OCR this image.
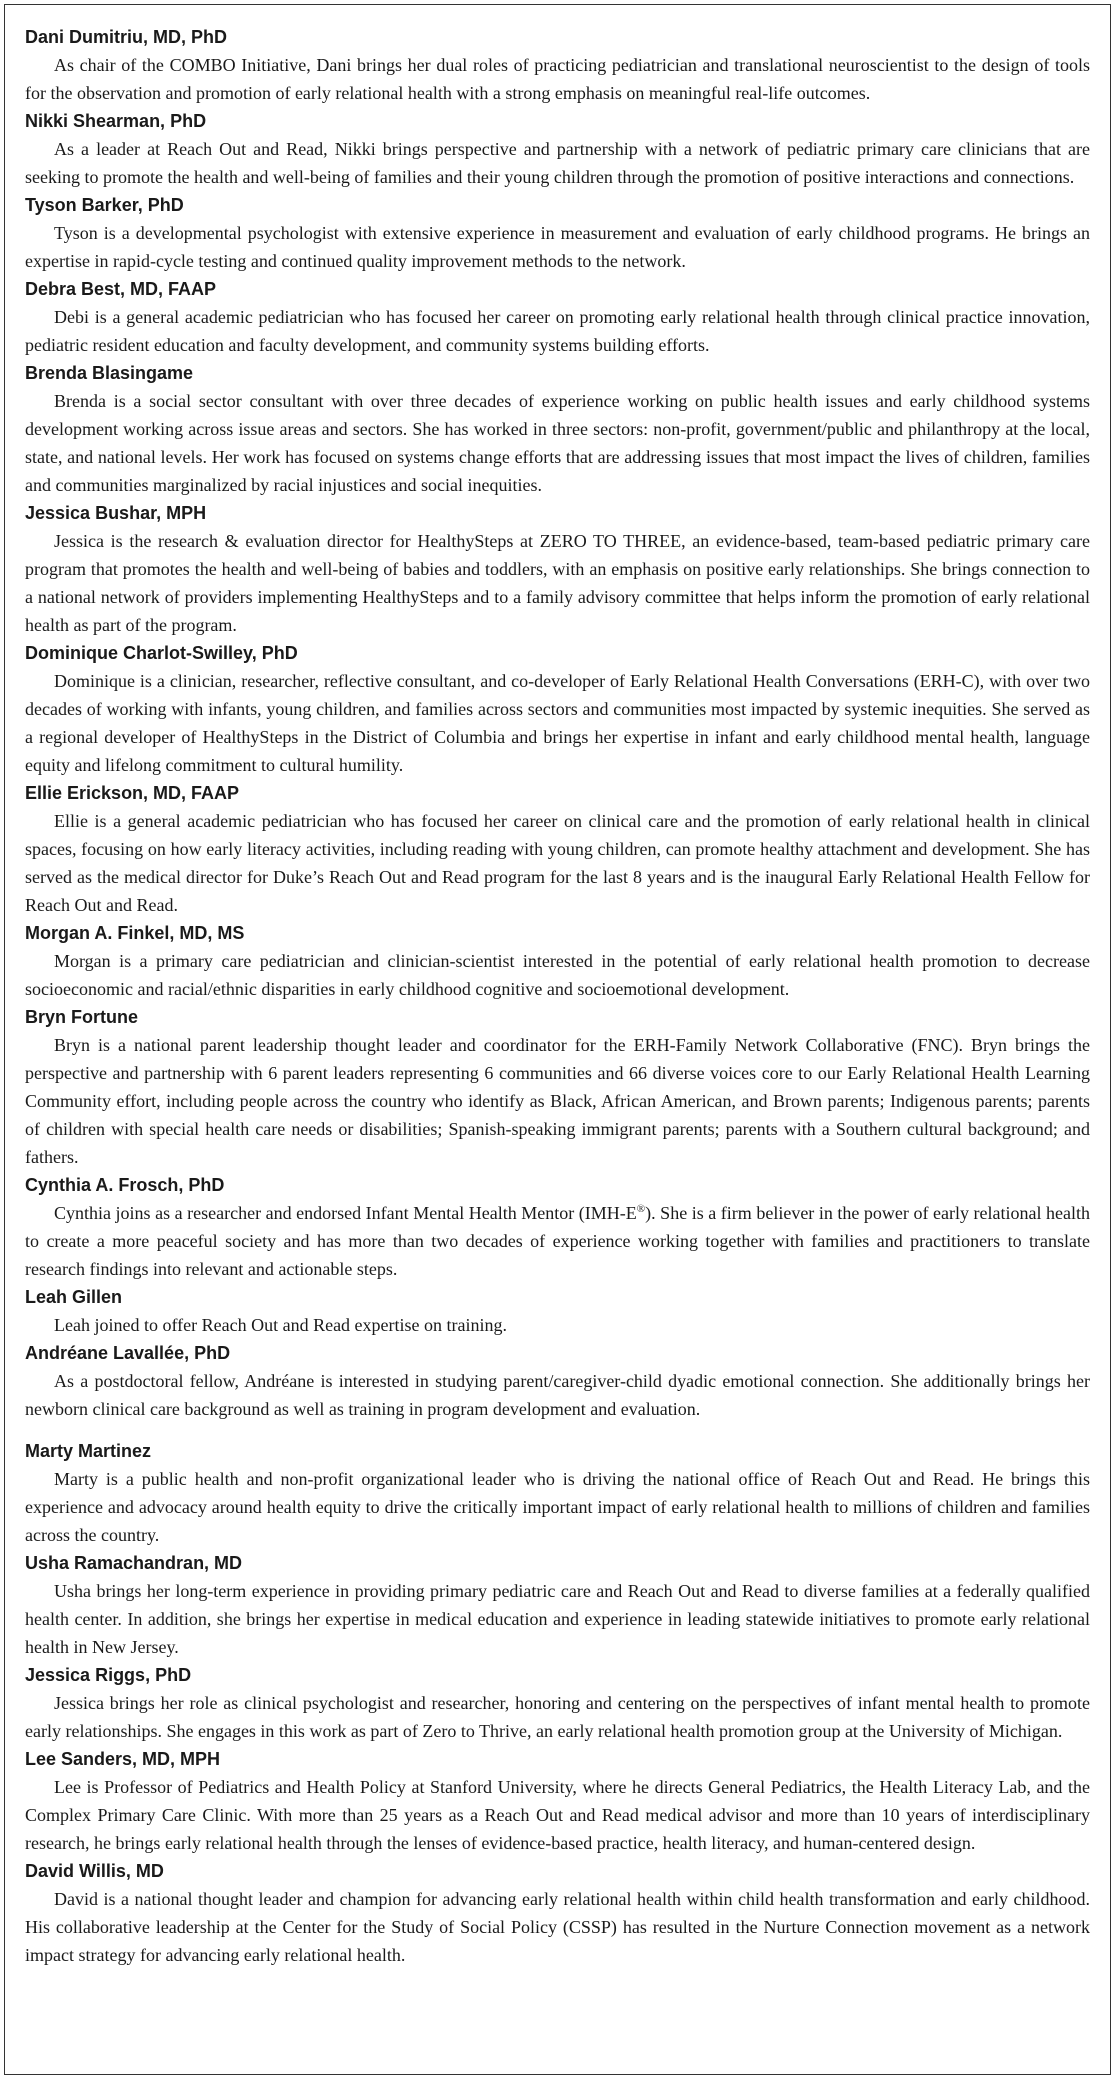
Dani Dumitriu, MD, PhD

As chair of the COMBO Initiative, Dani brings her dual roles of practicing pediatrician and translational neuroscientist to the design of tools for the observation and promotion of early relational health with a strong emphasis on meaningful real-life outcomes.

Nikki Shearman, PhD

As a leader at Reach Out and Read, Nikki brings perspective and partnership with a network of pediatric primary care clinicians that are seeking to promote the health and well-being of families and their young children through the promotion of positive interactions and connections.

Tyson Barker, PhD

Tyson is a developmental psychologist with extensive experience in measurement and evaluation of early childhood programs. He brings an expertise in rapid-cycle testing and continued quality improvement methods to the network.

Debra Best, MD, FAAP

Debi is a general academic pediatrician who has focused her career on promoting early relational health through clinical practice innovation, pediatric resident education and faculty development, and community systems building efforts.

Brenda Blasingame

Brenda is a social sector consultant with over three decades of experience working on public health issues and early childhood systems development working across issue areas and sectors. She has worked in three sectors: non-profit, government/public and philanthropy at the local, state, and national levels. Her work has focused on systems change efforts that are addressing issues that most impact the lives of children, families and communities marginalized by racial injustices and social inequities.

Jessica Bushar, MPH

Jessica is the research & evaluation director for HealthySteps at ZERO TO THREE, an evidence-based, team-based pediatric primary care program that promotes the health and well-being of babies and toddlers, with an emphasis on positive early relationships. She brings connection to a national network of providers implementing HealthySteps and to a family advisory committee that helps inform the promotion of early relational health as part of the program.

Dominique Charlot-Swilley, PhD

Dominique is a clinician, researcher, reflective consultant, and co-developer of Early Relational Health Conversations (ERH-C), with over two decades of working with infants, young children, and families across sectors and communities most impacted by systemic inequities. She served as a regional developer of HealthySteps in the District of Columbia and brings her expertise in infant and early childhood mental health, language equity and lifelong commitment to cultural humility.

Ellie Erickson, MD, FAAP

Ellie is a general academic pediatrician who has focused her career on clinical care and the promotion of early relational health in clinical spaces, focusing on how early literacy activities, including reading with young children, can promote healthy attachment and development. She has served as the medical director for Duke’s Reach Out and Read program for the last 8 years and is the inaugural Early Relational Health Fellow for Reach Out and Read.

Morgan A. Finkel, MD, MS

Morgan is a primary care pediatrician and clinician-scientist interested in the potential of early relational health promotion to decrease socioeconomic and racial/ethnic disparities in early childhood cognitive and socioemotional development.

Bryn Fortune

Bryn is a national parent leadership thought leader and coordinator for the ERH-Family Network Collaborative (FNC). Bryn brings the perspective and partnership with 6 parent leaders representing 6 communities and 66 diverse voices core to our Early Relational Health Learning Community effort, including people across the country who identify as Black, African American, and Brown parents; Indigenous parents; parents of children with special health care needs or disabilities; Spanish-speaking immigrant parents; parents with a Southern cultural background; and fathers.

Cynthia A. Frosch, PhD

Cynthia joins as a researcher and endorsed Infant Mental Health Mentor (IMH-E®). She is a firm believer in the power of early relational health to create a more peaceful society and has more than two decades of experience working together with families and practitioners to translate research findings into relevant and actionable steps.

Leah Gillen

Leah joined to offer Reach Out and Read expertise on training.

Andréane Lavallée, PhD

As a postdoctoral fellow, Andréane is interested in studying parent/caregiver-child dyadic emotional connection. She additionally brings her newborn clinical care background as well as training in program development and evaluation.

Marty Martinez

Marty is a public health and non-profit organizational leader who is driving the national office of Reach Out and Read. He brings this experience and advocacy around health equity to drive the critically important impact of early relational health to millions of children and families across the country.

Usha Ramachandran, MD

Usha brings her long-term experience in providing primary pediatric care and Reach Out and Read to diverse families at a federally qualified health center. In addition, she brings her expertise in medical education and experience in leading statewide initiatives to promote early relational health in New Jersey.

Jessica Riggs, PhD

Jessica brings her role as clinical psychologist and researcher, honoring and centering on the perspectives of infant mental health to promote early relationships. She engages in this work as part of Zero to Thrive, an early relational health promotion group at the University of Michigan.

Lee Sanders, MD, MPH

Lee is Professor of Pediatrics and Health Policy at Stanford University, where he directs General Pediatrics, the Health Literacy Lab, and the Complex Primary Care Clinic. With more than 25 years as a Reach Out and Read medical advisor and more than 10 years of interdisciplinary research, he brings early relational health through the lenses of evidence-based practice, health literacy, and human-centered design.

David Willis, MD

David is a national thought leader and champion for advancing early relational health within child health transformation and early childhood. His collaborative leadership at the Center for the Study of Social Policy (CSSP) has resulted in the Nurture Connection movement as a network impact strategy for advancing early relational health.
